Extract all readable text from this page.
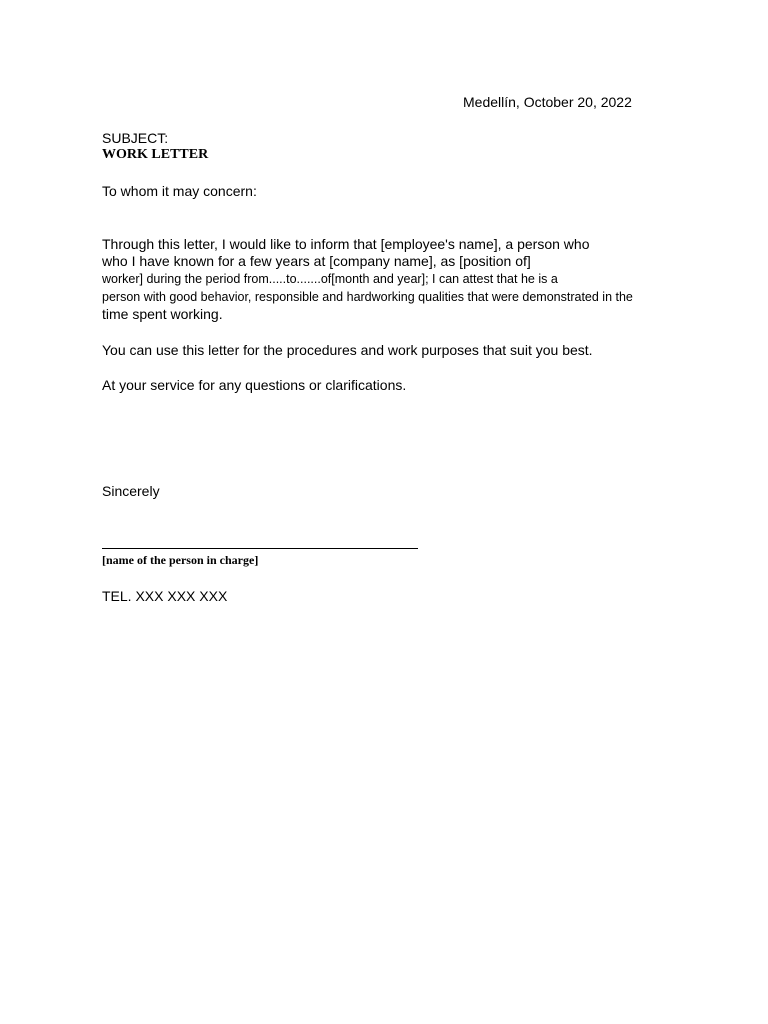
Medellín, October 20, 2022
SUBJECT:
WORK LETTER
To whom it may concern:
Through this letter, I would like to inform that [employee's name], a person who
who I have known for a few years at [company name], as [position of]
worker] during the period from.....to.......of[month and year]; I can attest that he is a
person with good behavior, responsible and hardworking qualities that were demonstrated in the
time spent working.
You can use this letter for the procedures and work purposes that suit you best.
At your service for any questions or clarifications.
Sincerely
[name of the person in charge]
TEL. XXX XXX XXX
